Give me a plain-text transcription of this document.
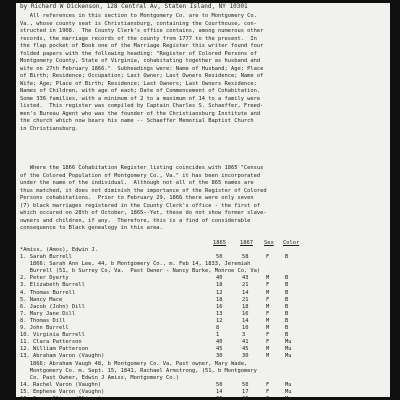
by Richard W Dickenson, 128 Central Av, Staten Island, NY 10301
All references in this section to Montgomery Co. are to Montgomery Co.
Va., whose county seat is Christiansburg, containing the Courthouse, con-
structed in 1908.  The County Clerk's office contains, among numerous other
records, the marriage records of the county from 1777 to the present.  In
the flap pocket of Book one of the Marriage Register this writer found four
folded papers with the following heading: "Register of Colored Persons of
Montgomery County, State of Virginia, cohabitating together as husband and
wife on 27th February 1866."  Subheadings were: Name of Husband; Age; Place
of Birth; Residence; Occupation; Last Owner; Last Owners Residence; Name of
Wife; Age; Place of Birth; Residence; Last Owners; Last Owners Residence;
Names of Children, with age of each; Date of Commencement of Cohabitation.
Some 336 families, with a minimum of 2 to a maximum of 14 to a family were
listed.  This register was compiled by Captain Charles S. Schaeffer, Freed-
men's Bureau Agent who was the founder of the Christiansburg Institute and
the church which now bears his name -- Schaeffer Memorial Baptist Church
in Christiansburg.
Where the 1866 Cohabitation Register listing coincides with 1865 "Census
of the Colored Population of Montgomery Co., Va." it has been incorporated
under the name of the individual.  Although not all of the 865 names are
thus matched, it does not diminish the importance of the Register of Colored
Persons cohabitations.  Prior to February 29, 1866 there were only seven
(7) black marriages registered in the County Clerk's office - the first of
which occured on 28th of October, 1865--Yet, these do not show former slave-
owners and children, if any.  Therefore, this is a find of considerable
consequence to Black genealogy in this area.
1865	1867 Sex Color
*Amiss, (Amos), Edwin J.
1. Sarah Burrell	50	58	F	B
1866: Sarah Ann Lee, 44, b Montgomery Co., m. Feb 14, 1833, Jeremiah
Burrell (51, b Surrey Co, Va.  Past Owner - Nancy Burke, Monroe Co, Va)
2. Peter Dyerty	40	43	M	B
3. Elizabeth Burrell	18	21	F	B
4. Thomas Burrell	12	14	M	B
5. Nancy Mace	18	21	F	B
6. Jacob (John) Dill	16	18	M	B
7. Mary Jane Dill	13	16	F	B
8. Thomas Dill	12	14	M	B
9. John Burrell	8	10	M	B
10. Virginia Burrell	1	3	F	B
11. Clara Patterson	40	41	F	Mu
12. William Patterson	45	45	M	Mu
13. Abraham Varon (Vaughn)	30	30	M	Mu
1866: Abraham Vaugh 48, b Montgomery Co. Va, Past owner, Mary Wade,
Montgomery Co. m. Sept. 15, 1841, Rachael Armstrong, (51, b Montgomery
Co. Past Owner, Edwin J Amiss, Montgomery Co.)
14. Rachel Varon (Vaughn)	50	50	F	Mu
15. Emphene Varon (Vaughn)	14	17	F	Mu
16. Fanny Olivar (Oliver)	20	20	F	Mu
